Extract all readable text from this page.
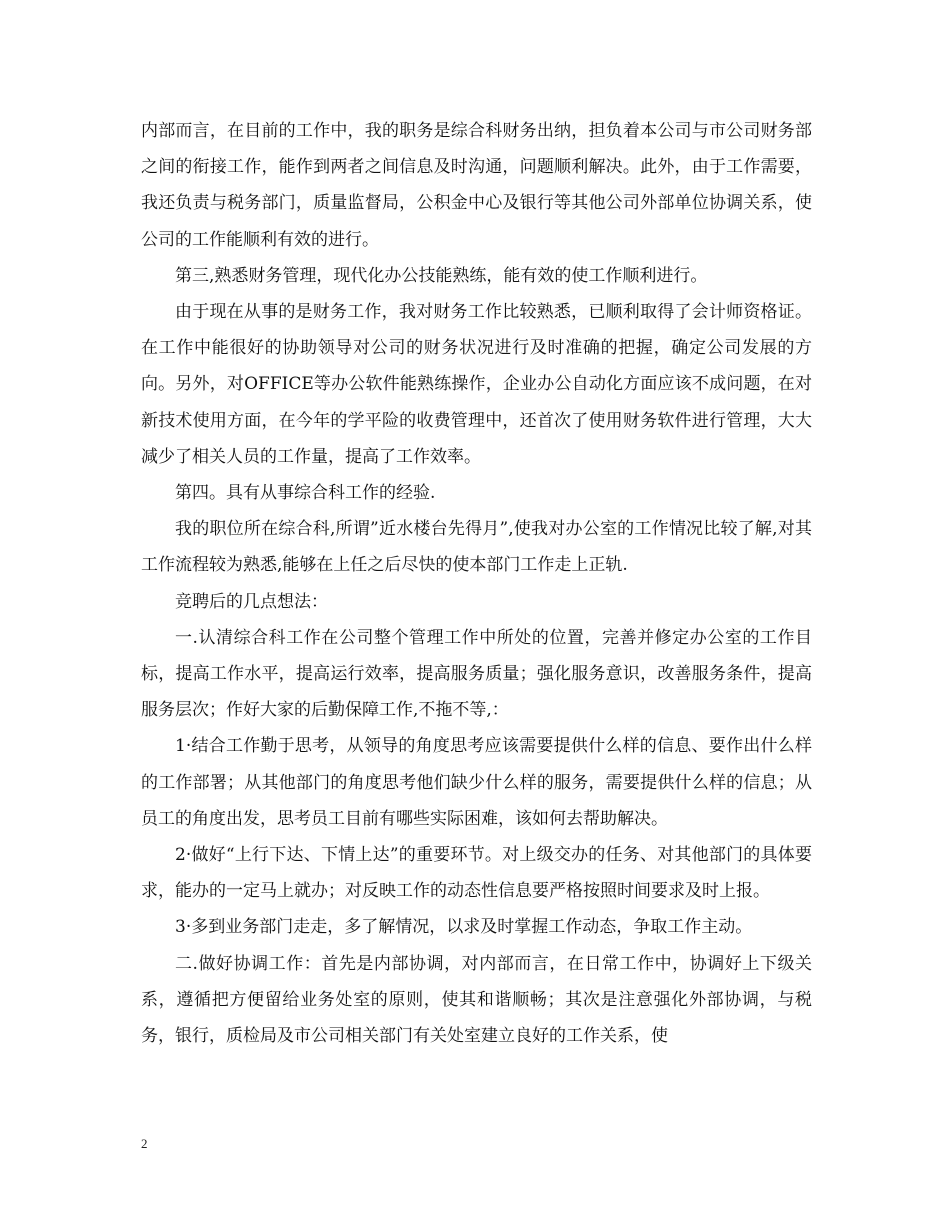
内部而言，在目前的工作中，我的职务是综合科财务出纳，担负着本公司与市公司财务部之间的衔接工作，能作到两者之间信息及时沟通，问题顺利解决。此外，由于工作需要，我还负责与税务部门，质量监督局，公积金中心及银行等其他公司外部单位协调关系，使公司的工作能顺利有效的进行。

第三,熟悉财务管理，现代化办公技能熟练，能有效的使工作顺利进行。

由于现在从事的是财务工作，我对财务工作比较熟悉，已顺利取得了会计师资格证。在工作中能很好的协助领导对公司的财务状况进行及时准确的把握，确定公司发展的方向。另外，对OFFICE等办公软件能熟练操作，企业办公自动化方面应该不成问题，在对新技术使用方面，在今年的学平险的收费管理中，还首次了使用财务软件进行管理，大大减少了相关人员的工作量，提高了工作效率。

第四。具有从事综合科工作的经验.

我的职位所在综合科,所谓”近水楼台先得月”,使我对办公室的工作情况比较了解,对其工作流程较为熟悉,能够在上任之后尽快的使本部门工作走上正轨.

竞聘后的几点想法：

一.认清综合科工作在公司整个管理工作中所处的位置，完善并修定办公室的工作目标，提高工作水平，提高运行效率，提高服务质量；强化服务意识，改善服务条件，提高服务层次；作好大家的后勤保障工作,不拖不等,：

1·结合工作勤于思考，从领导的角度思考应该需要提供什么样的信息、要作出什么样的工作部署；从其他部门的角度思考他们缺少什么样的服务，需要提供什么样的信息；从员工的角度出发，思考员工目前有哪些实际困难，该如何去帮助解决。

2·做好“上行下达、下情上达”的重要环节。对上级交办的任务、对其他部门的具体要求，能办的一定马上就办；对反映工作的动态性信息要严格按照时间要求及时上报。

3·多到业务部门走走，多了解情况，以求及时掌握工作动态，争取工作主动。

二.做好协调工作：首先是内部协调，对内部而言，在日常工作中，协调好上下级关系，遵循把方便留给业务处室的原则，使其和谐顺畅；其次是注意强化外部协调，与税务，银行，质检局及市公司相关部门有关处室建立良好的工作关系，使

2
